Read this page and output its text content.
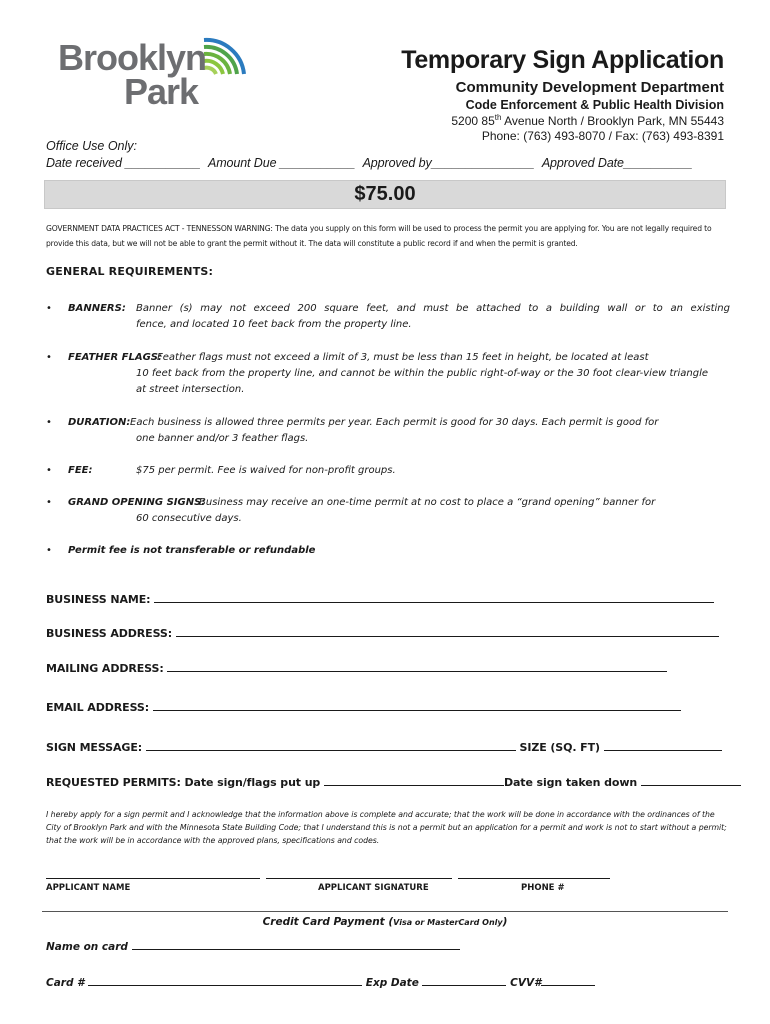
Brooklyn
Park
Temporary Sign Application
Community Development Department
Code Enforcement & Public Health Division
5200 85th Avenue North / Brooklyn Park, MN 55443
Phone: (763) 493-8070 / Fax: (763) 493-8391
Office Use Only:
Date received ___________ Amount Due ___________ Approved by_______________ Approved Date__________
$75.00
GOVERNMENT DATA PRACTICES ACT - TENNESSON WARNING: The data you supply on this form will be used to process the permit you are applying for. You are not legally required to provide this data, but we will not be able to grant the permit without it. The data will constitute a public record if and when the permit is granted.
GENERAL REQUIREMENTS:
• BANNERS:	Banner (s) may not exceed 200 square feet, and must be attached to a building wall or to an existing
fence, and located 10 feet back from the property line.
• FEATHER FLAGS:
Feather flags must not exceed a limit of 3, must be less than 15 feet in height, be located at least
10 feet back from the property line, and cannot be within the public right-of-way or the 30 foot clear-view triangle
at street intersection.
• DURATION: Each business is allowed three permits per year. Each permit is good for 30 days. Each permit is good for
one banner and/or 3 feather flags.
• FEE:	$75 per permit. Fee is waived for non-profit groups.
• GRAND OPENING SIGNS:
Business may receive an one-time permit at no cost to place a “grand opening” banner for
60 consecutive days.
• Permit fee is not transferable or refundable
BUSINESS NAME:
BUSINESS ADDRESS:
MAILING ADDRESS:
EMAIL ADDRESS:
SIGN MESSAGE:	SIZE (SQ. FT)
REQUESTED PERMITS: Date sign/flags put up	Date sign taken down
I hereby apply for a sign permit and I acknowledge that the information above is complete and accurate; that the work will be done in accordance with the ordinances of the City of Brooklyn Park and with the Minnesota State Building Code; that I understand this is not a permit but an application for a permit and work is not to start without a permit; that the work will be in accordance with the approved plans, specifications and codes.
APPLICANT NAME	APPLICANT SIGNATURE	PHONE #
Credit Card Payment (Visa or MasterCard Only)
Name on card
Card #	Exp Date	CVV#
